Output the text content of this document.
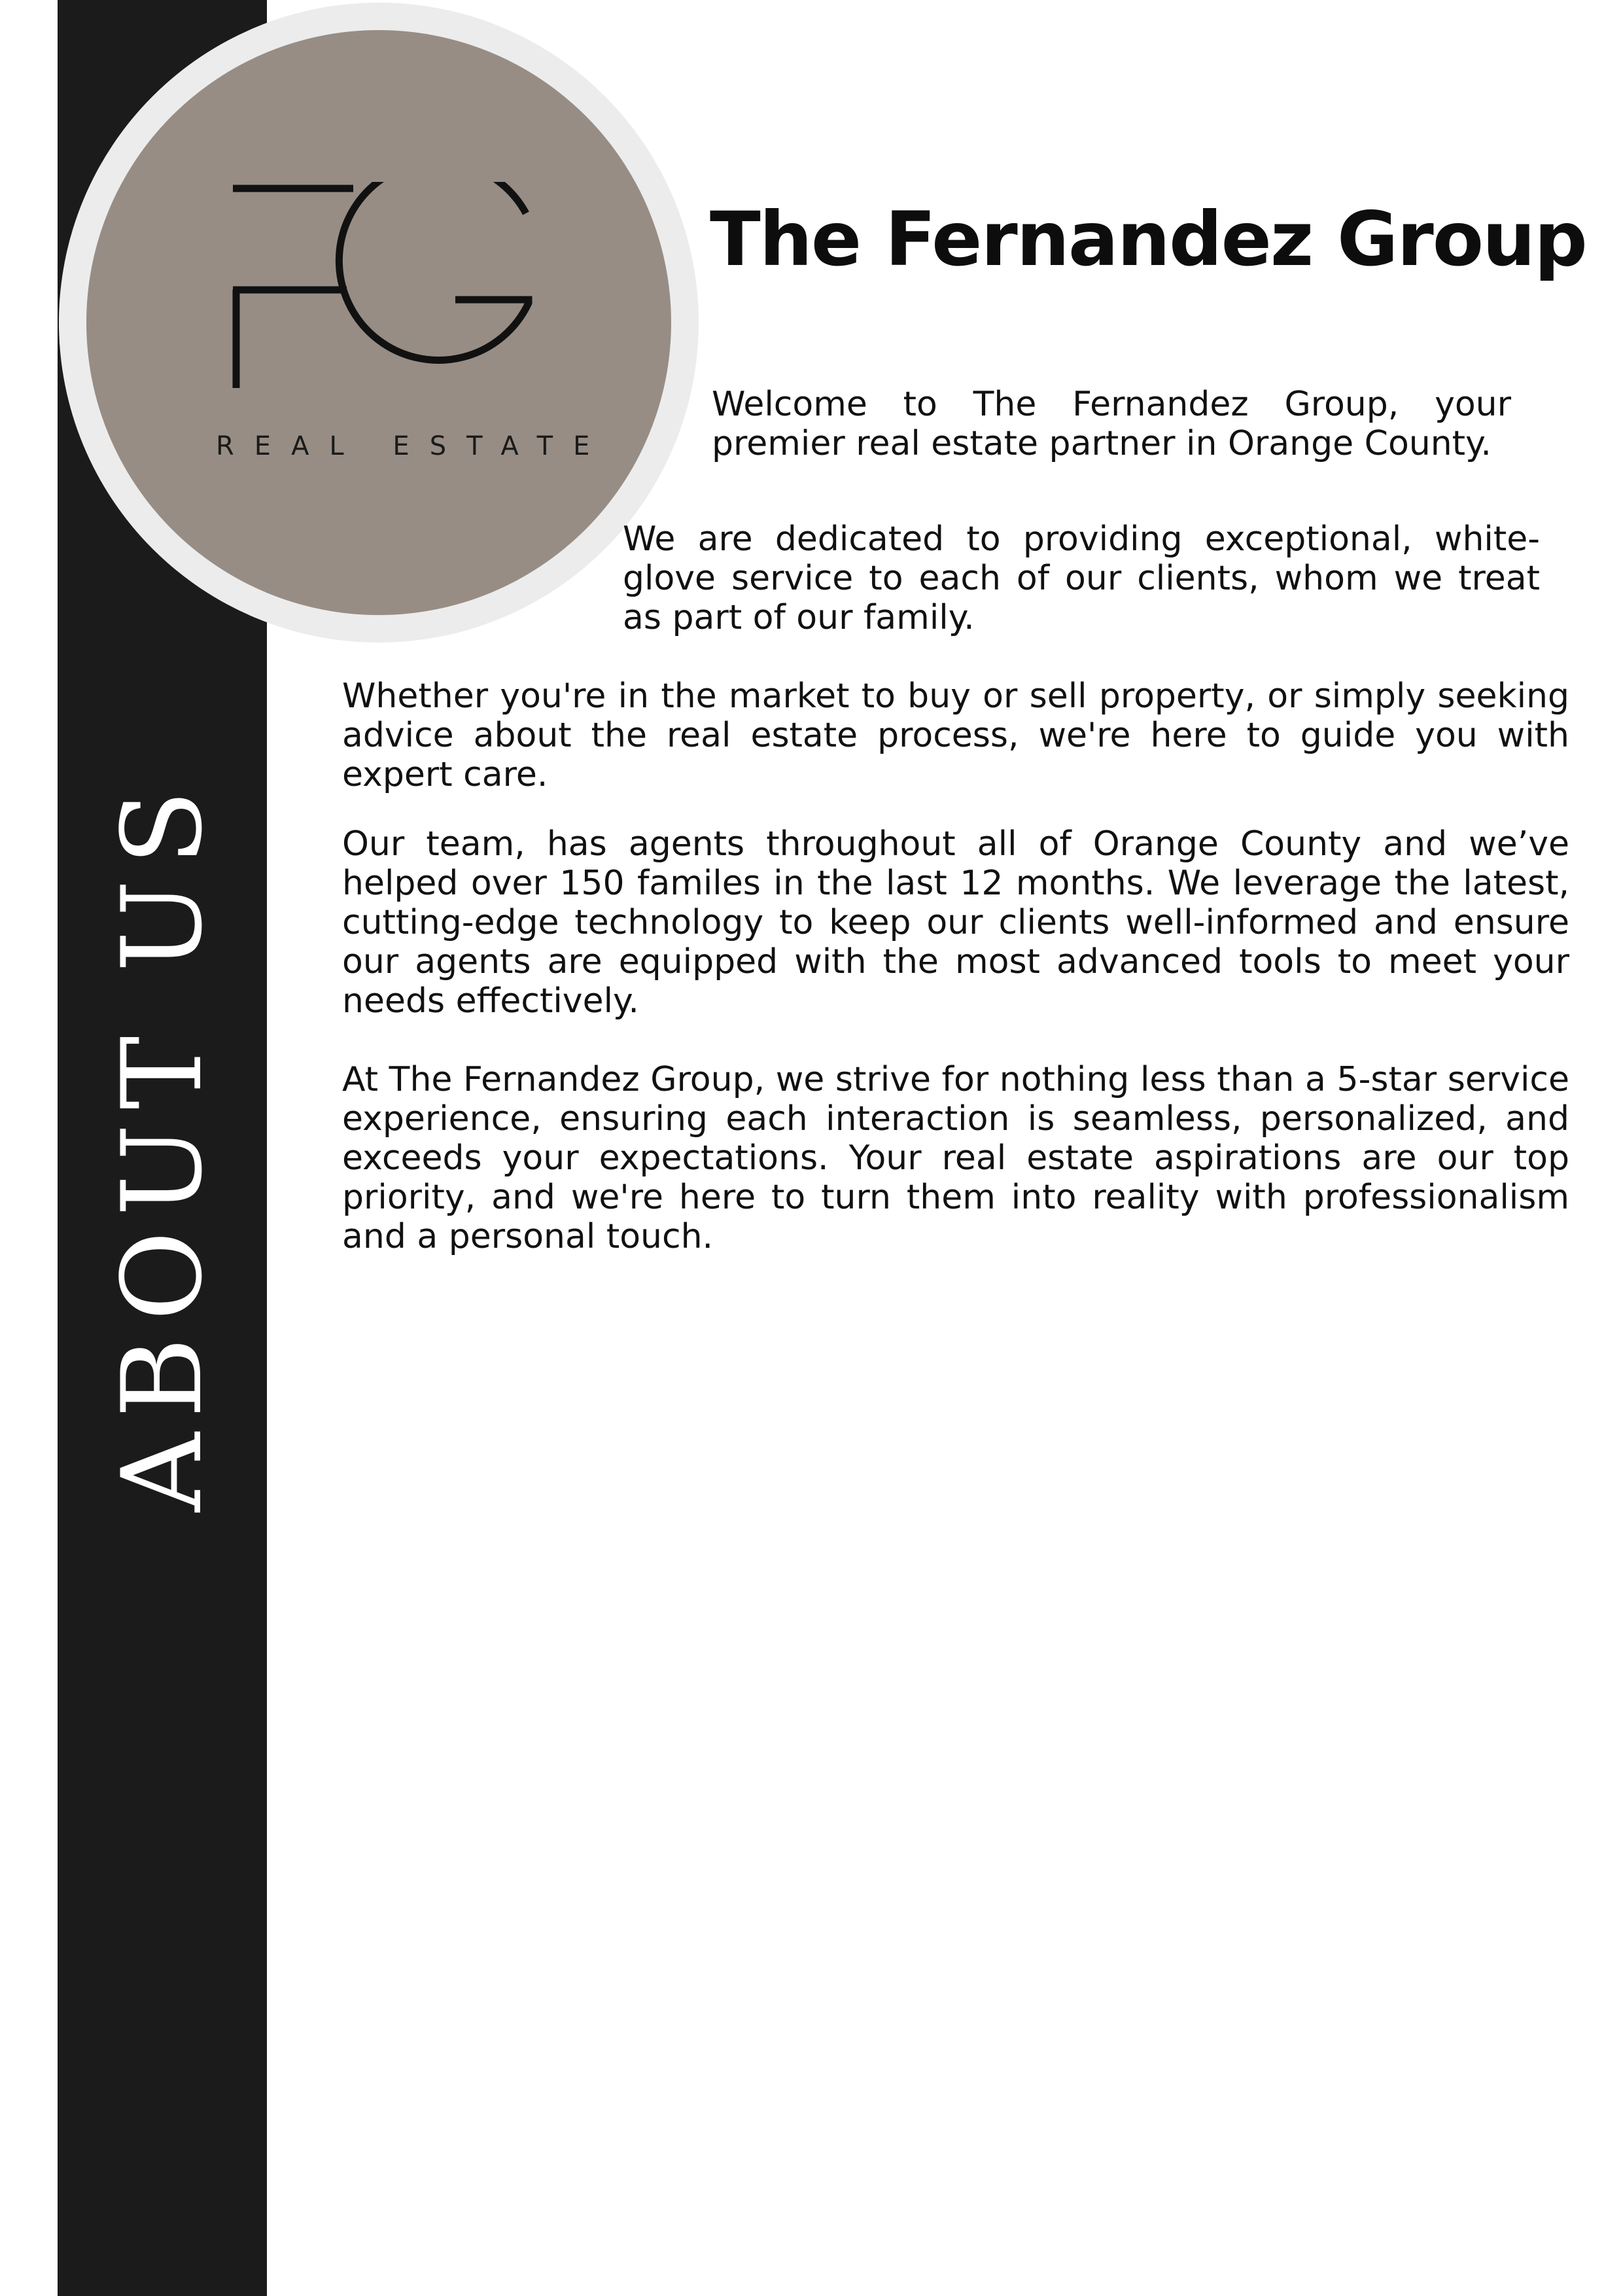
ABOUT US
REAL ESTATE
The Fernandez Group

Welcome to The Fernandez Group, your premier real estate partner in Orange County.

We are dedicated to providing exceptional, white-glove service to each of our clients, whom we treat as part of our family.

Whether you're in the market to buy or sell property, or simply seeking advice about the real estate process, we're here to guide you with expert care.

Our team, has agents throughout all of Orange County and we’ve helped over 150 familes in the last 12 months. We leverage the latest, cutting-edge technology to keep our clients well-informed and ensure our agents are equipped with the most advanced tools to meet your needs effectively.

At The Fernandez Group, we strive for nothing less than a 5-star service experience, ensuring each interaction is seamless, personalized, and exceeds your expectations. Your real estate aspirations are our top priority, and we're here to turn them into reality with professionalism and a personal touch.
